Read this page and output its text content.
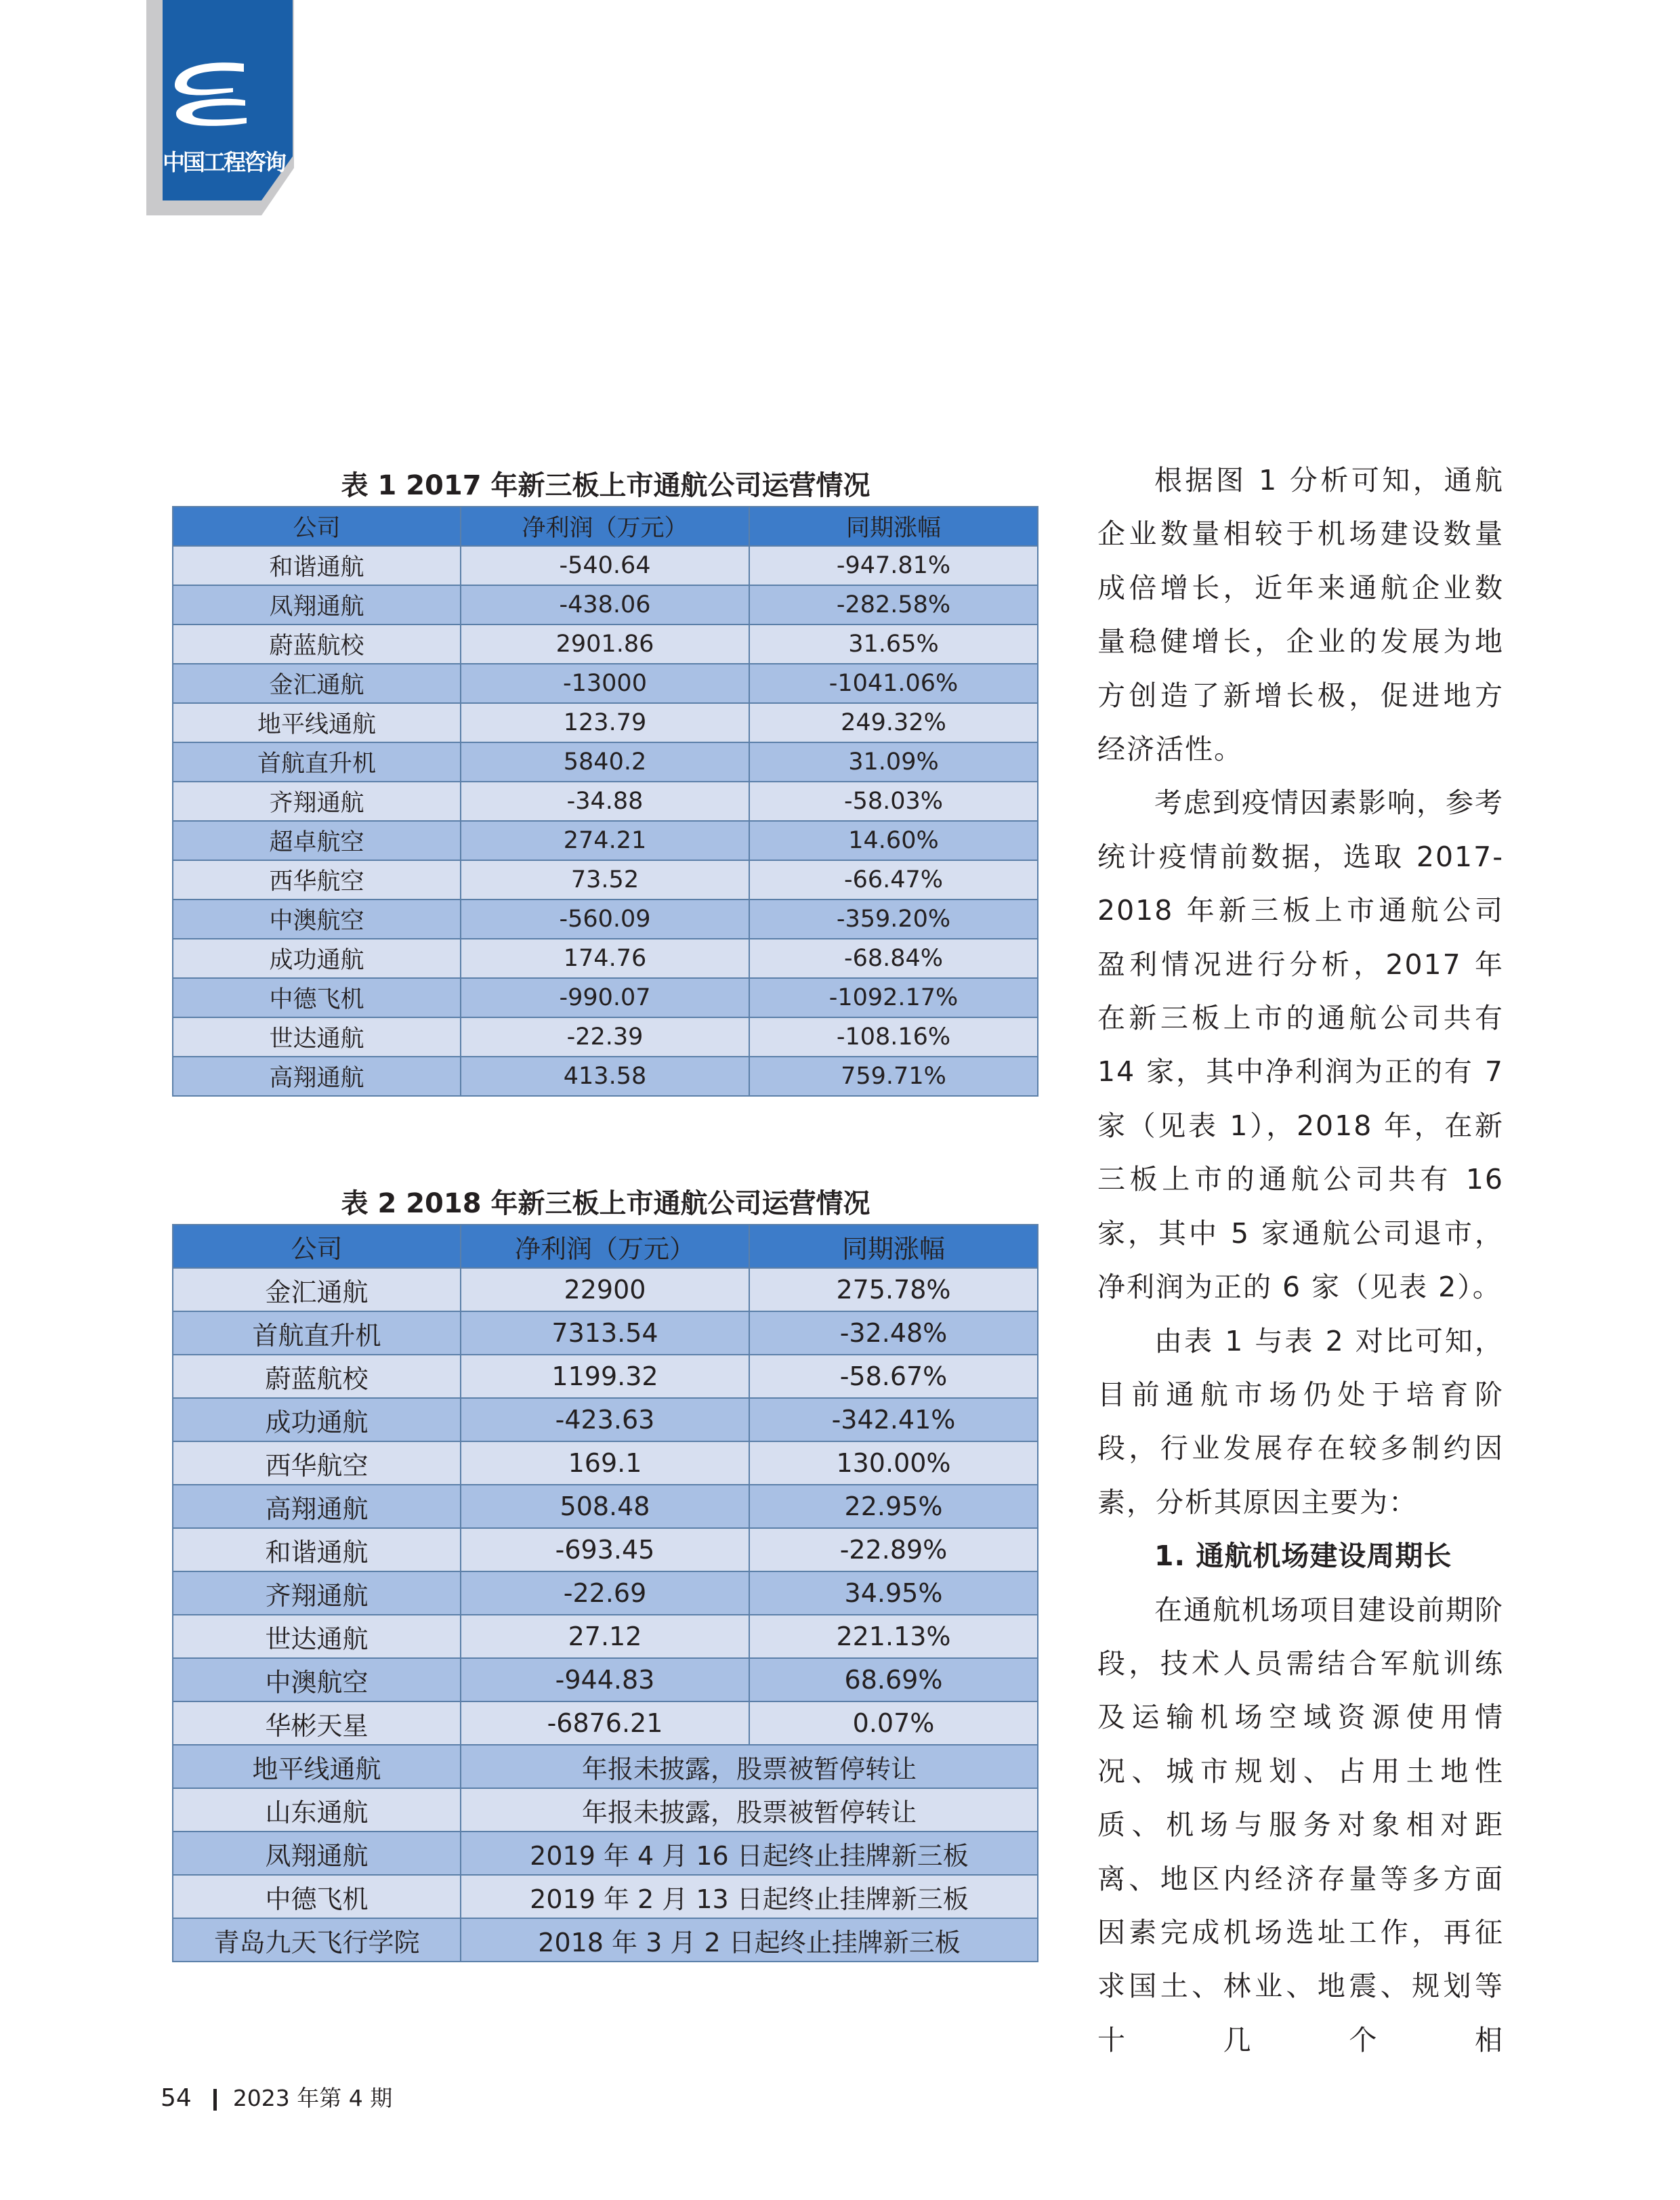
中国工程咨询
表 1 2017 年新三板上市通航公司运营情况
公司	净利润（万元）	同期涨幅
和谐通航	-540.64	-947.81%
凤翔通航	-438.06	-282.58%
蔚蓝航校	2901.86	31.65%
金汇通航	-13000	-1041.06%
地平线通航	123.79	249.32%
首航直升机	5840.2	31.09%
齐翔通航	-34.88	-58.03%
超卓航空	274.21	14.60%
西华航空	73.52	-66.47%
中澳航空	-560.09	-359.20%
成功通航	174.76	-68.84%
中德飞机	-990.07	-1092.17%
世达通航	-22.39	-108.16%
高翔通航	413.58	759.71%
表 2 2018 年新三板上市通航公司运营情况
公司	净利润（万元）	同期涨幅
金汇通航	22900	275.78%
首航直升机	7313.54	-32.48%
蔚蓝航校	1199.32	-58.67%
成功通航	-423.63	-342.41%
西华航空	169.1	130.00%
高翔通航	508.48	22.95%
和谐通航	-693.45	-22.89%
齐翔通航	-22.69	34.95%
世达通航	27.12	221.13%
中澳航空	-944.83	68.69%
华彬天星	-6876.21	0.07%
地平线通航	年报未披露，股票被暂停转让	
山东通航	年报未披露，股票被暂停转让	
凤翔通航	2019 年 4 月 16 日起终止挂牌新三板	
中德飞机	2019 年 2 月 13 日起终止挂牌新三板	
青岛九天飞行学院	2018 年 3 月 2 日起终止挂牌新三板	

根据图 1 分析可知，通航企业数量相较于机场建设数量成倍增长，近年来通航企业数量稳健增长，企业的发展为地方创造了新增长极，促进地方经济活性。

考虑到疫情因素影响，参考统计疫情前数据，选取 2017-2018 年新三板上市通航公司盈利情况进行分析，2017 年在新三板上市的通航公司共有 14 家，其中净利润为正的有 7 家（见表 1），2018 年，在新三板上市的通航公司共有 16 家，其中 5 家通航公司退市，净利润为正的 6 家（见表 2）。

由表 1 与表 2 对比可知，目前通航市场仍处于培育阶段，行业发展存在较多制约因素，分析其原因主要为：

1. 通航机场建设周期长

在通航机场项目建设前期阶段，技术人员需结合军航训练及运输机场空域资源使用情况、城市规划、占用土地性质、机场与服务对象相对距离、地区内经济存量等多方面因素完成机场选址工作，再征求国土、林业、地震、规划等十几个相

54 2023 年第 4 期
